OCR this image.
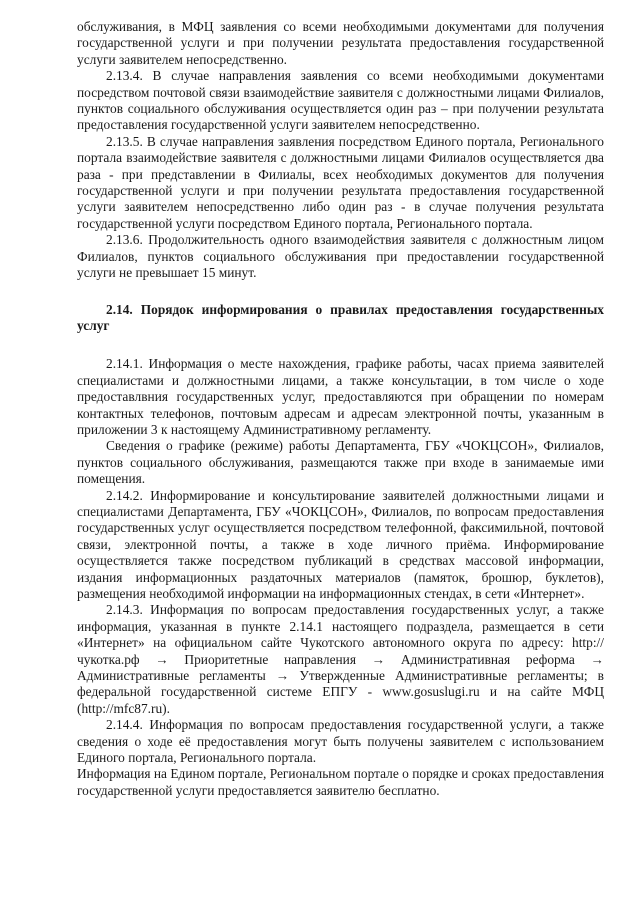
обслуживания, в МФЦ заявления со всеми необходимыми документами для получения государственной услуги и при получении результата предоставления государственной услуги заявителем непосредственно.

2.13.4. В случае направления заявления со всеми необходимыми документами посредством почтовой связи взаимодействие заявителя с должностными лицами Филиалов, пунктов социального обслуживания осуществляется один раз – при получении результата предоставления государственной услуги заявителем непосредственно.

2.13.5. В случае направления заявления посредством Единого портала, Регионального портала взаимодействие заявителя с должностными лицами Филиалов осуществляется два раза - при представлении в Филиалы, всех необходимых документов для получения государственной услуги и при получении результата предоставления государственной услуги заявителем непосредственно либо один раз - в случае получения результата государственной услуги посредством Единого портала, Регионального портала.

2.13.6. Продолжительность одного взаимодействия заявителя с должностным лицом Филиалов, пунктов социального обслуживания при предоставлении государственной услуги не превышает 15 минут.

2.14. Порядок информирования о правилах предоставления государственных услуг

2.14.1. Информация о месте нахождения, графике работы, часах приема заявителей специалистами и должностными лицами, а также консультации, в том числе о ходе предоставлвния государственных услуг, предоставляются при обращении по номерам контактных телефонов, почтовым адресам и адресам электронной почты, указанным в приложении 3 к настоящему Административному регламенту.

Сведения о графике (режиме) работы Департамента, ГБУ «ЧОКЦСОН», Филиалов, пунктов социального обслуживания, размещаются также при входе в занимаемые ими помещения.

2.14.2. Информирование и консультирование заявителей должностными лицами и специалистами Департамента, ГБУ «ЧОКЦСОН», Филиалов, по вопросам предоставления государственных услуг осуществляется посредством телефонной, факсимильной, почтовой связи, электронной почты, а также в ходе личного приёма. Информирование осуществляется также посредством публикаций в средствах массовой информации, издания информационных раздаточных материалов (памяток, брошюр, буклетов), размещения необходимой информации на информационных стендах, в сети «Интернет».

2.14.3. Информация по вопросам предоставления государственных услуг, а также информация, указанная в пункте 2.14.1 настоящего подраздела, размещается в сети «Интернет» на официальном сайте Чукотского автономного округа по адресу: http://чукотка.рф → Приоритетные направления → Административная реформа → Административные регламенты → Утвержденные Административные регламенты; в федеральной государственной системе ЕПГУ - www.gosuslugi.ru и на сайте МФЦ (http://mfc87.ru).

2.14.4. Информация по вопросам предоставления государственной услуги, а также сведения о ходе её предоставления могут быть получены заявителем с использованием Единого портала, Регионального портала.

Информация на Едином портале, Региональном портале о порядке и сроках предоставления государственной услуги предоставляется заявителю бесплатно.
